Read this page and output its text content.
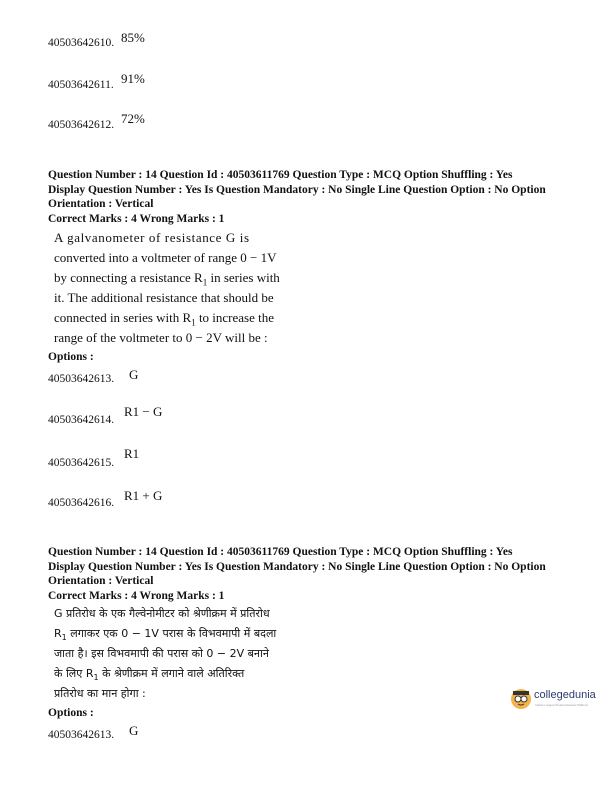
40503642610. 85%
40503642611. 91%
40503642612. 72%
Question Number : 14 Question Id : 40503611769 Question Type : MCQ Option Shuffling : Yes
Display Question Number : Yes Is Question Mandatory : No Single Line Question Option : No Option
Orientation : Vertical
Correct Marks : 4 Wrong Marks : 1
A galvanometer of resistance G is
converted into a voltmeter of range 0 − 1V
by connecting a resistance $R_1$ in series with
it. The additional resistance that should be
connected in series with $R_1$ to increase the
range of the voltmeter to 0 − 2V will be :
Options :
40503642613. G
40503642614.
R1 − G
40503642615.
R1
40503642616. R1 + G
Question Number : 14 Question Id : 40503611769 Question Type : MCQ Option Shuffling : Yes
Display Question Number : Yes Is Question Mandatory : No Single Line Question Option : No Option
Orientation : Vertical
Correct Marks : 4 Wrong Marks : 1
G प्रतिरोध के एक गैल्वेनोमीटर को श्रेणीक्रम में प्रतिरोध
$R_1$ लगाकर एक 0 − 1V परास के विभवमापी में बदला
जाता है। इस विभवमापी की परास को 0 − 2V बनाने
के लिए $R_1$ के श्रेणीक्रम में लगाने वाले अतिरिक्त
प्रतिरोध का मान होगा :
Options :
40503642613. G
collegedunia
India's Largest Student Review Platform
